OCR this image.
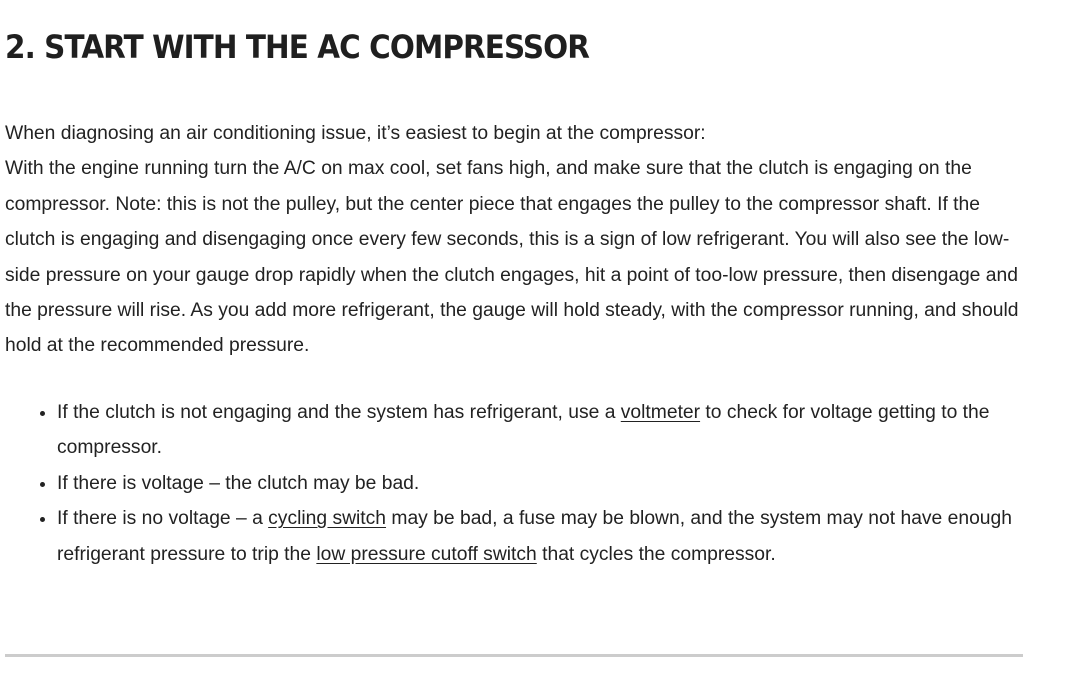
2. START WITH THE AC COMPRESSOR

When diagnosing an air conditioning issue, it’s easiest to begin at the compressor:

With the engine running turn the A/C on max cool, set fans high, and make sure that the clutch is engaging on the compressor. Note: this is not the pulley, but the center piece that engages the pulley to the compressor shaft. If the clutch is engaging and disengaging once every few seconds, this is a sign of low refrigerant. You will also see the low-side pressure on your gauge drop rapidly when the clutch engages, hit a point of too-low pressure, then disengage and the pressure will rise. As you add more refrigerant, the gauge will hold steady, with the compressor running, and should hold at the recommended pressure.

• If the clutch is not engaging and the system has refrigerant, use a voltmeter to check for voltage getting to the compressor.
• If there is voltage – the clutch may be bad.
• If there is no voltage – a cycling switch may be bad, a fuse may be blown, and the system may not have enough refrigerant pressure to trip the low pressure cutoff switch that cycles the compressor.
